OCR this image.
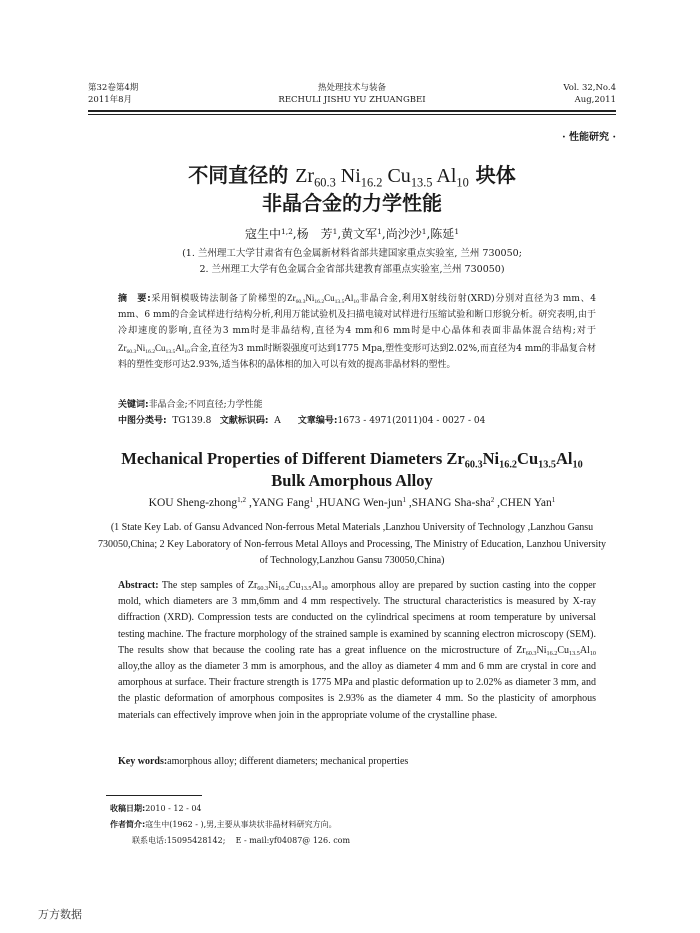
第32卷第4期
2011年8月
热处理技术与装备
RECHULI JISHU YU ZHUANGBEI
Vol. 32,No.4
Aug,2011
· 性能研究 ·
不同直径的 $Zr_{60.3}$ $Ni_{16.2}$ $Cu_{13.5}$ $Al_{10}$ 块体
非晶合金的力学性能
寇生中$^{1,2}$,杨　芳$^1$,黄文军$^1$,尚沙沙$^1$,陈延$^1$
(1. 兰州理工大学甘肃省有色金属新材料省部共建国家重点实验室, 兰州 730050;
2. 兰州理工大学有色金属合金省部共建教育部重点实验室,兰州 730050)
摘　要:采用铜模吸铸法制备了阶梯型的$Zr_{60.3}Ni_{16.2}Cu_{13.5}Al_{10}$非晶合金,利用X射线衍射(XRD)分别对直径为3 mm、4 mm、6 mm的合金试样进行结构分析,利用万能试验机及扫描电镜对试样进行压缩试验和断口形貌分析。研究表明,由于冷却速度的影响,直径为3 mm时是非晶结构,直径为4 mm和6 mm时是中心晶体和表面非晶体混合结构;对于$Zr_{60.3}Ni_{16.2}Cu_{13.5}Al_{10}$合金,直径为3 mm时断裂强度可达到1775 Mpa,塑性变形可达到2.02%,而直径为4 mm的非晶复合材料的塑性变形可达2.93%,适当体积的晶体相的加入可以有效的提高非晶材料的塑性。
关键词:非晶合金;不同直径;力学性能
中图分类号: TG139.8 文献标识码: A 文章编号:1673 - 4971(2011)04 - 0027 - 04
Mechanical Properties of Different Diameters $Zr_{60.3}Ni_{16.2}Cu_{13.5}Al_{10}$
Bulk Amorphous Alloy
KOU Sheng-zhong$^{1,2}$ ,YANG Fang$^1$ ,HUANG Wen-jun$^1$ ,SHANG Sha-sha$^2$ ,CHEN Yan$^1$
(1 State Key Lab. of Gansu Advanced Non-ferrous Metal Materials ,Lanzhou University of Technology ,Lanzhou Gansu 730050,China; 2 Key Laboratory of Non-ferrous Metal Alloys and Processing, The Ministry of Education, Lanzhou University of Technology,Lanzhou Gansu 730050,China)
Abstract: The step samples of $Zr_{60.3}Ni_{16.2}Cu_{13.5}Al_{10}$ amorphous alloy are prepared by suction casting into the copper mold, which diameters are 3 mm,6mm and 4 mm respectively. The structural characteristics is measured by X-ray diffraction (XRD). Compression tests are conducted on the cylindrical specimens at room temperature by universal testing machine. The fracture morphology of the strained sample is examined by scanning electron microscopy (SEM). The results show that because the cooling rate has a great influence on the microstructure of $Zr_{60.3}Ni_{16.2}Cu_{13.5}Al_{10}$ alloy,the alloy as the diameter 3 mm is amorphous, and the alloy as diameter 4 mm and 6 mm are crystal in core and amorphous at surface. Their fracture strength is 1775 MPa and plastic deformation up to 2.02% as diameter 3 mm, and the plastic deformation of amorphous composites is 2.93% as the diameter 4 mm. So the plasticity of amorphous materials can effectively improve when join in the appropriate volume of the crystalline phase.
Key words:amorphous alloy; different diameters; mechanical properties
收稿日期:2010 - 12 - 04
作者简介:寇生中(1962 - ),男,主要从事块状非晶材料研究方向。
联系电话:15095428142; E - mail:yf04087@ 126. com
万方数据
